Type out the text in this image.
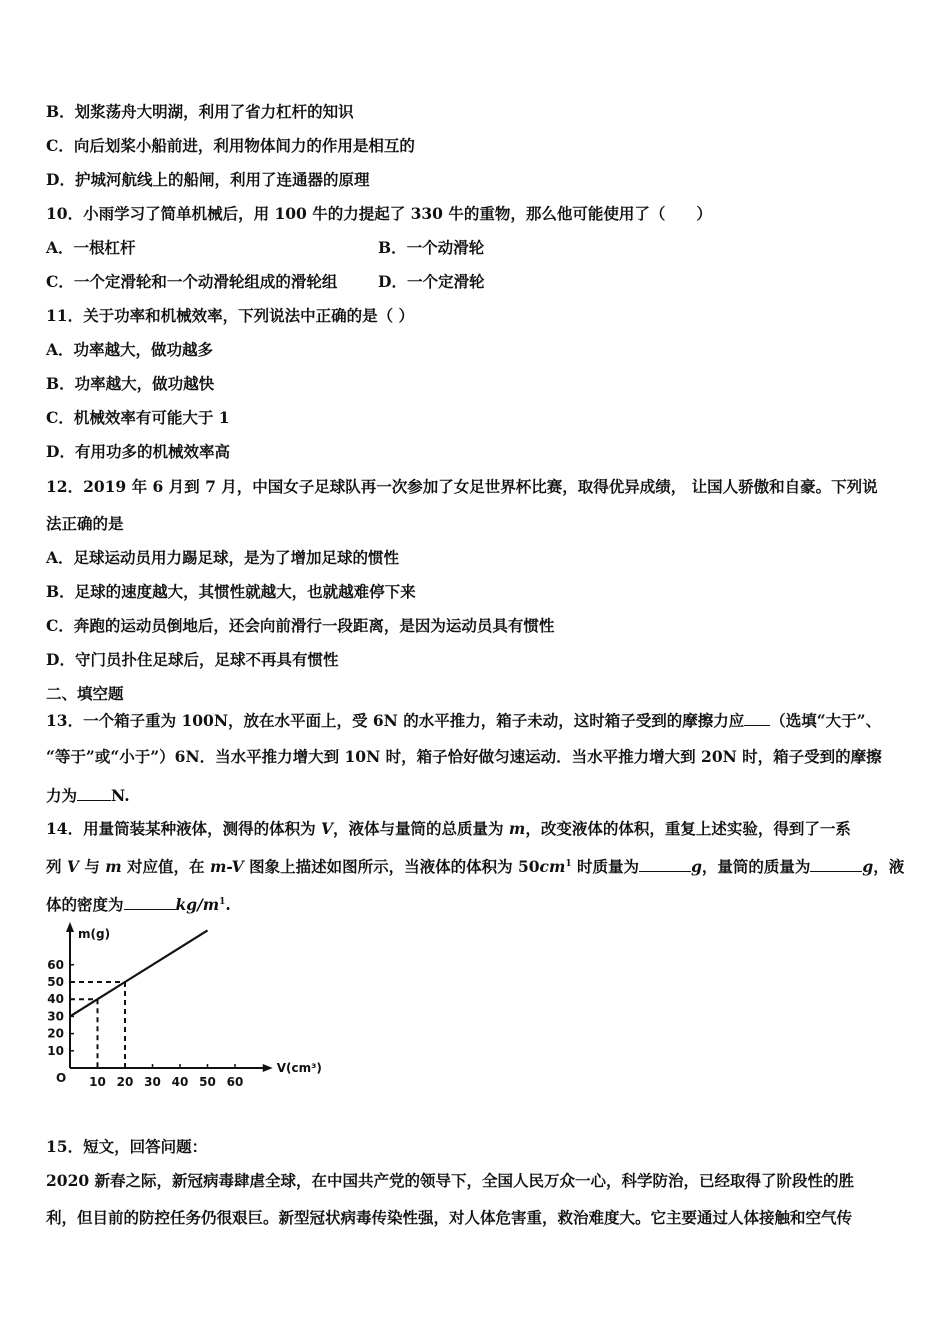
B．划浆荡舟大明湖，利用了省力杠杆的知识
C．向后划桨小船前进，利用物体间力的作用是相互的
D．护城河航线上的船闸，利用了连通器的原理
10．小雨学习了简单机械后，用 100 牛的力提起了 330 牛的重物，那么他可能使用了（　　）
A．一根杠杆	B．一个动滑轮
C．一个定滑轮和一个动滑轮组成的滑轮组	D．一个定滑轮
11．关于功率和机械效率，下列说法中正确的是（ ）
A．功率越大，做功越多
B．功率越大，做功越快
C．机械效率有可能大于 1
D．有用功多的机械效率高
12．2019 年 6 月到 7 月，中国女子足球队再一次参加了女足世界杯比赛，取得优异成绩， 让国人骄傲和自豪。下列说
法正确的是
A．足球运动员用力踢足球，是为了增加足球的惯性
B．足球的速度越大，其惯性就越大，也就越难停下来
C．奔跑的运动员倒地后，还会向前滑行一段距离，是因为运动员具有惯性
D．守门员扑住足球后，足球不再具有惯性
二、填空题
13．一个箱子重为 100N，放在水平面上，受 6N 的水平推力，箱子未动，这时箱子受到的摩擦力应 （选填“大于”、
“等于”或“小于”）6N．当水平推力增大到 10N 时，箱子恰好做匀速运动．当水平推力增大到 20N 时，箱子受到的摩擦
力为 N.
14．用量筒装某种液体，测得的体积为 V，液体与量筒的总质量为 m，改变液体的体积，重复上述实验，得到了一系
列 V 与 m 对应值，在 m-V 图象上描述如图所示，当液体的体积为 $50cm^1$ 时质量为	g，量筒的质量为	g，液
体的密度为	$kg/m^1$.
10 20 30 40 50 60
10
20
30
40
50
60
m(g)
V(cm³)
O
15．短文，回答问题：
2020 新春之际，新冠病毒肆虐全球，在中国共产党的领导下，全国人民万众一心，科学防治，已经取得了阶段性的胜
利，但目前的防控任务仍很艰巨。新型冠状病毒传染性强，对人体危害重，救治难度大。它主要通过人体接触和空气传
